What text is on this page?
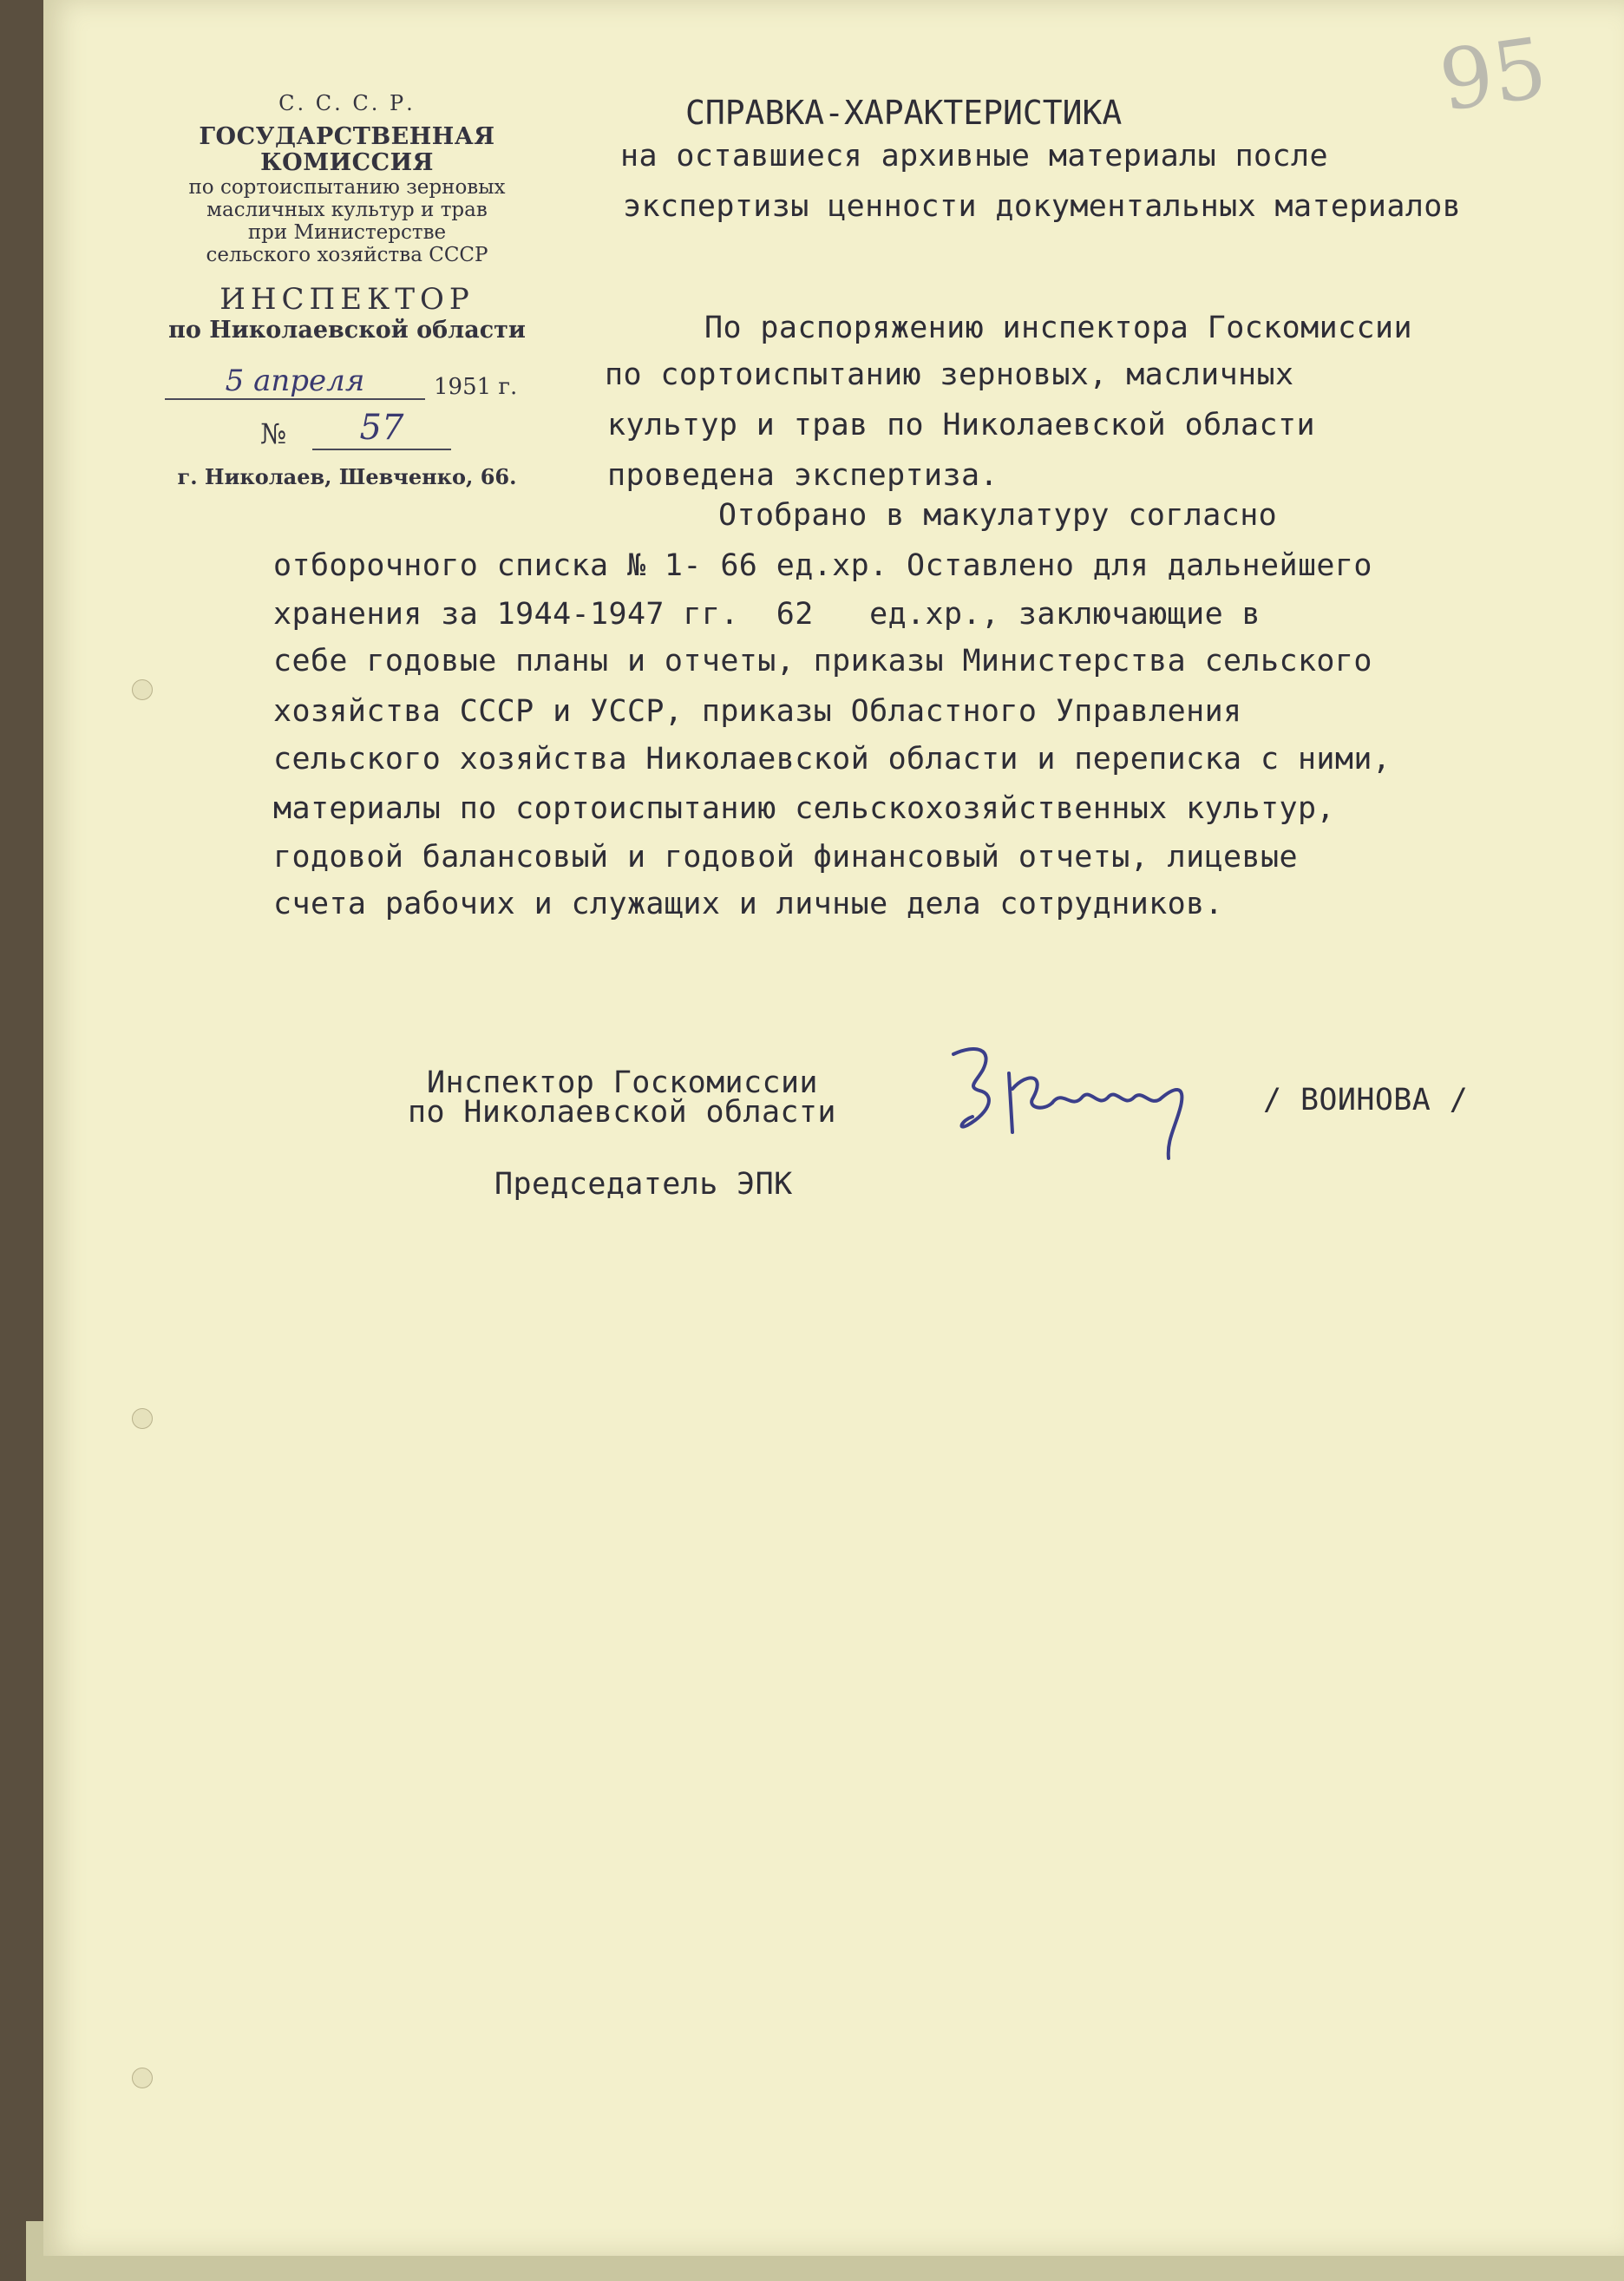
95
С. С. С. Р.
ГОСУДАРСТВЕННАЯ КОМИССИЯ
по сортоиспытанию зерновых
масличных культур и трав
при Министерстве
сельского хозяйства СССР
ИНСПЕКТОР
по Николаевской области
5 апреля	1951 г.
№	57
г. Николаев, Шевченко, 66.
СПРАВКА-ХАРАКТЕРИСТИКА
на оставшиеся архивные материалы после
экспертизы ценности документальных материалов
По распоряжению инспектора Госкомиссии
по сортоиспытанию зерновых, масличных
культур и трав по Николаевской области
проведена экспертиза.
Отобрано в макулатуру согласно
отборочного списка № 1- 66 ед.хр. Оставлено для дальнейшего
хранения за 1944-1947 гг.  62   ед.хр., заключающие в
себе годовые планы и отчеты, приказы Министерства сельского
хозяйства СССР и УССР, приказы Областного Управления
сельского хозяйства Николаевской области и переписка с ними,
материалы по сортоиспытанию сельскохозяйственных культур,
годовой балансовый и годовой финансовый отчеты, лицевые
счета рабочих и служащих и личные дела сотрудников.
Инспектор Госкомиссии
по Николаевской области	/ ВОИНОВА /
Председатель ЭПК
